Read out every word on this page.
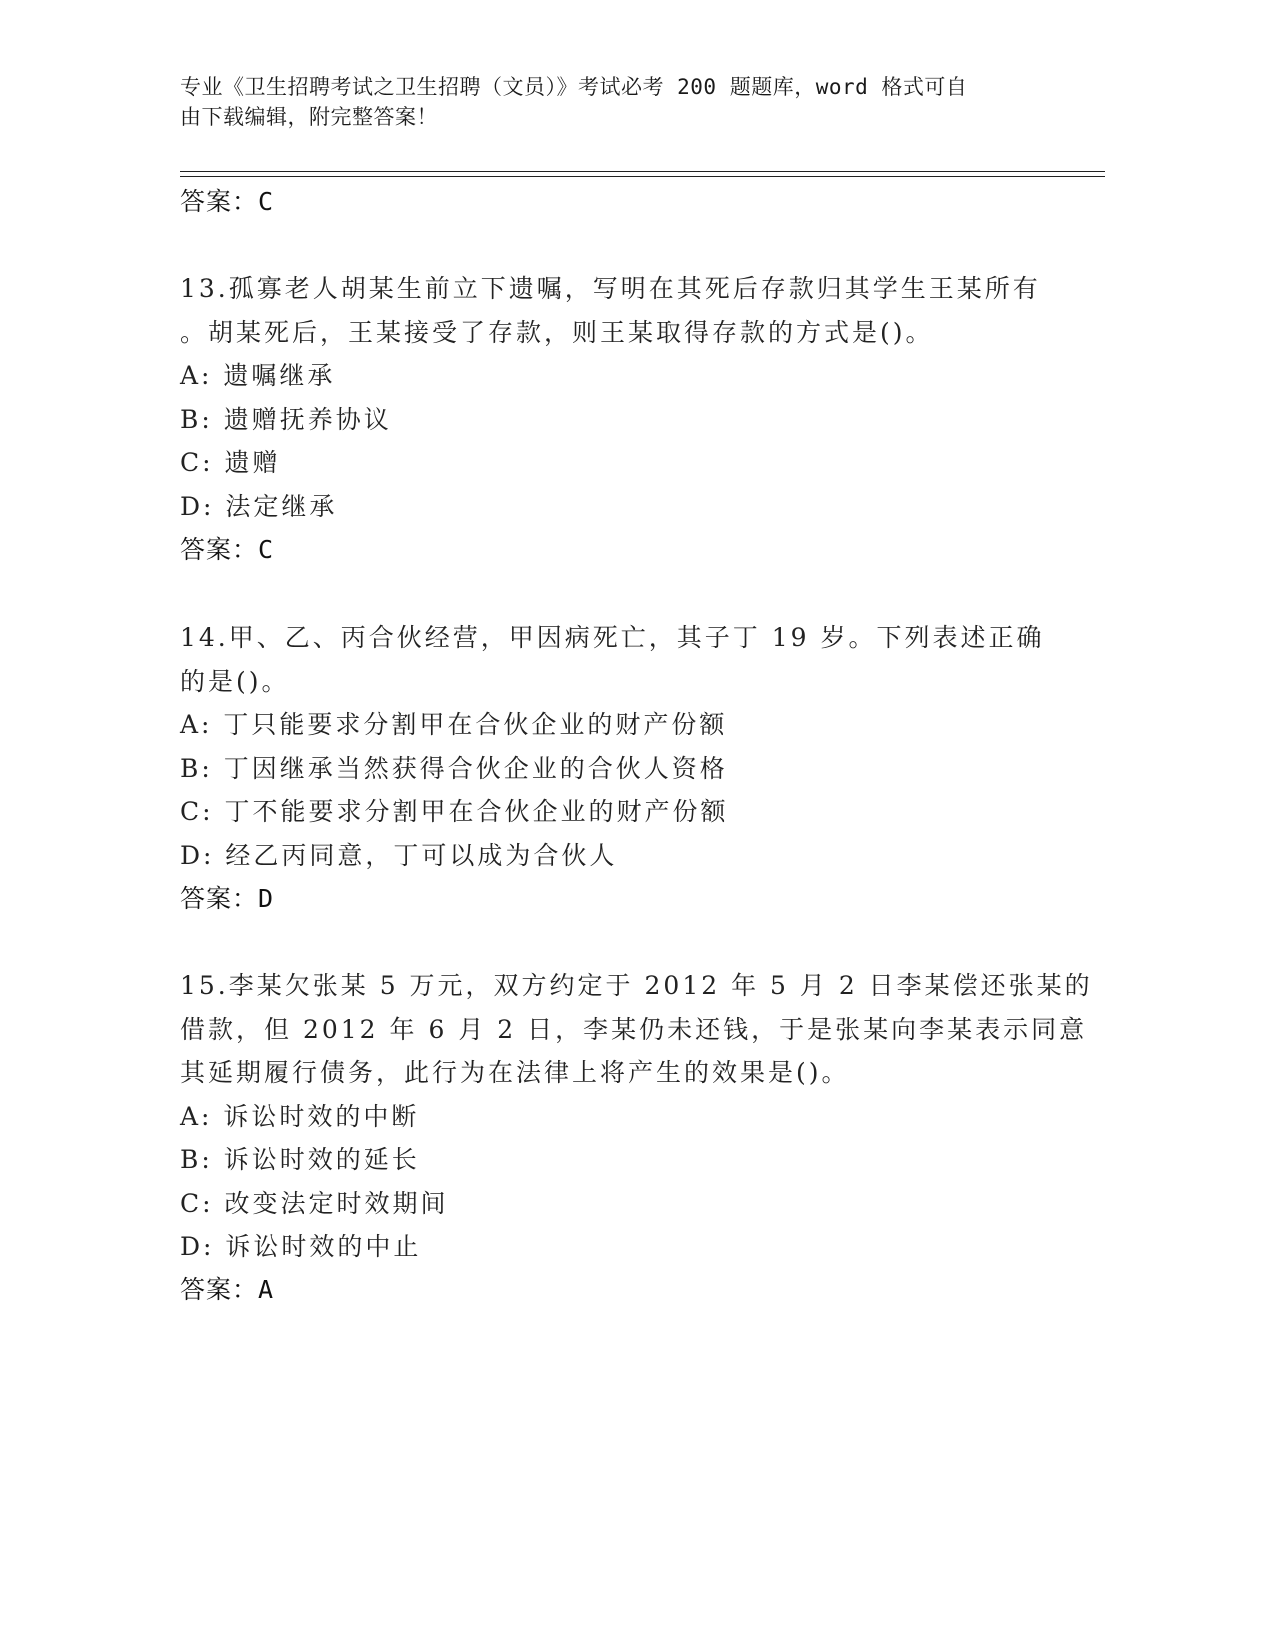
专业《卫生招聘考试之卫生招聘（文员）》考试必考 200 题题库，word 格式可自
由下载编辑，附完整答案！
答案：C
13.孤寡老人胡某生前立下遗嘱，写明在其死后存款归其学生王某所有
。胡某死后，王某接受了存款，则王某取得存款的方式是()。
A: 遗嘱继承
B: 遗赠抚养协议
C: 遗赠
D: 法定继承
答案：C
14.甲、乙、丙合伙经营，甲因病死亡，其子丁 19 岁。下列表述正确
的是()。
A: 丁只能要求分割甲在合伙企业的财产份额
B: 丁因继承当然获得合伙企业的合伙人资格
C: 丁不能要求分割甲在合伙企业的财产份额
D: 经乙丙同意，丁可以成为合伙人
答案：D
15.李某欠张某 5 万元，双方约定于 2012 年 5 月 2 日李某偿还张某的
借款，但 2012 年 6 月 2 日，李某仍未还钱，于是张某向李某表示同意
其延期履行债务，此行为在法律上将产生的效果是()。
A: 诉讼时效的中断
B: 诉讼时效的延长
C: 改变法定时效期间
D: 诉讼时效的中止
答案：A
